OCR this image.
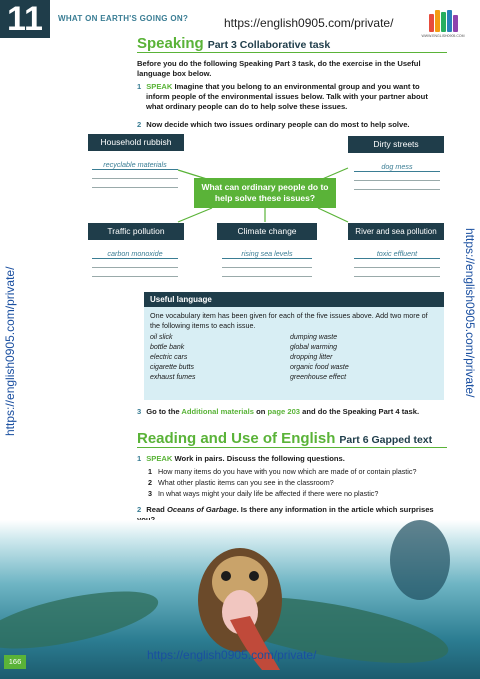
11	WHAT ON EARTH'S GOING ON?	https://english0905.com/private/
WWW.ENGLISH0905.COM
Speaking Part 3 Collaborative task
Before you do the following Speaking Part 3 task, do the exercise in the Useful language box below.
1 SPEAK Imagine that you belong to an environmental group and you want to inform people of the environmental issues below. Talk with your partner about what ordinary people can do to help solve these issues.
2 Now decide which two issues ordinary people can do most to help solve.
Household rubbish
recyclable materials
Dirty streets
dog mess
What can ordinary people do to help solve these issues?
Traffic pollution
carbon monoxide
Climate change
rising sea levels
River and sea pollution
toxic effluent
Useful language
One vocabulary item has been given for each of the five issues above. Add two more of the following items to each issue.
oil slick	dumping waste
bottle bank	global warming
electric cars	dropping litter
cigarette butts	organic food waste
exhaust fumes	greenhouse effect
3 Go to the Additional materials on page 203 and do the Speaking Part 4 task.
Reading and Use of English Part 6 Gapped text
1 SPEAK Work in pairs. Discuss the following questions.
1 How many items do you have with you now which are made of or contain plastic?
2 What other plastic items can you see in the classroom?
3 In what ways might your daily life be affected if there were no plastic?
2 Read Oceans of Garbage. Is there any information in the article which surprises
https://english0905.com/private/	https://english0905.com/private/
https://english0905.com/private/
166
